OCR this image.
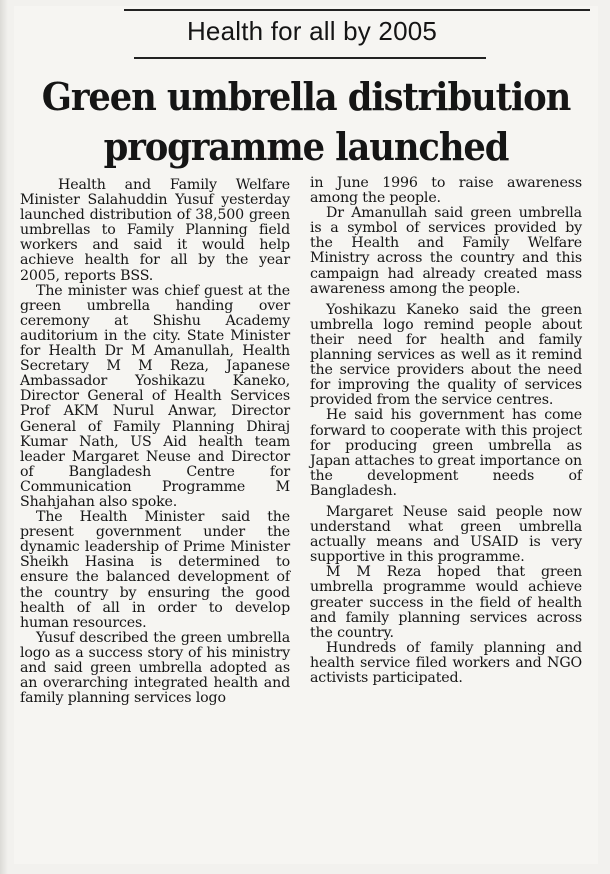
Health for all by 2005
Green umbrella distribution programme launched

Health and Family Welfare Minister Salahuddin Yusuf yesterday launched distribution of 38,500 green umbrellas to Family Planning field workers and said it would help achieve health for all by the year 2005, reports BSS.

The minister was chief guest at the green umbrella handing over ceremony at Shishu Academy auditorium in the city. State Minister for Health Dr M Amanullah, Health Secretary M M Reza, Japanese Ambassador Yoshikazu Kaneko, Director General of Health Services Prof AKM Nurul Anwar, Director General of Family Planning Dhiraj Kumar Nath, US Aid health team leader Margaret Neuse and Director of Bangladesh Centre for Communication Programme M Shahjahan also spoke.

The Health Minister said the present government under the dynamic leadership of Prime Minister Sheikh Hasina is determined to ensure the balanced development of the country by ensuring the good health of all in order to develop human resources.

Yusuf described the green umbrella logo as a success story of his ministry and said green umbrella adopted as an overarching integrated health and family planning services logo

in June 1996 to raise awareness among the people.

Dr Amanullah said green umbrella is a symbol of services provided by the Health and Family Welfare Ministry across the country and this campaign had already created mass awareness among the people.

Yoshikazu Kaneko said the green umbrella logo remind people about their need for health and family planning services as well as it remind the service providers about the need for improving the quality of services provided from the service centres.

He said his government has come forward to cooperate with this project for producing green umbrella as Japan attaches to great importance on the development needs of Bangladesh.

Margaret Neuse said people now understand what green umbrella actually means and USAID is very supportive in this programme.

M M Reza hoped that green umbrella programme would achieve greater success in the field of health and family planning services across the country.

Hundreds of family planning and health service filed workers and NGO activists participated.
